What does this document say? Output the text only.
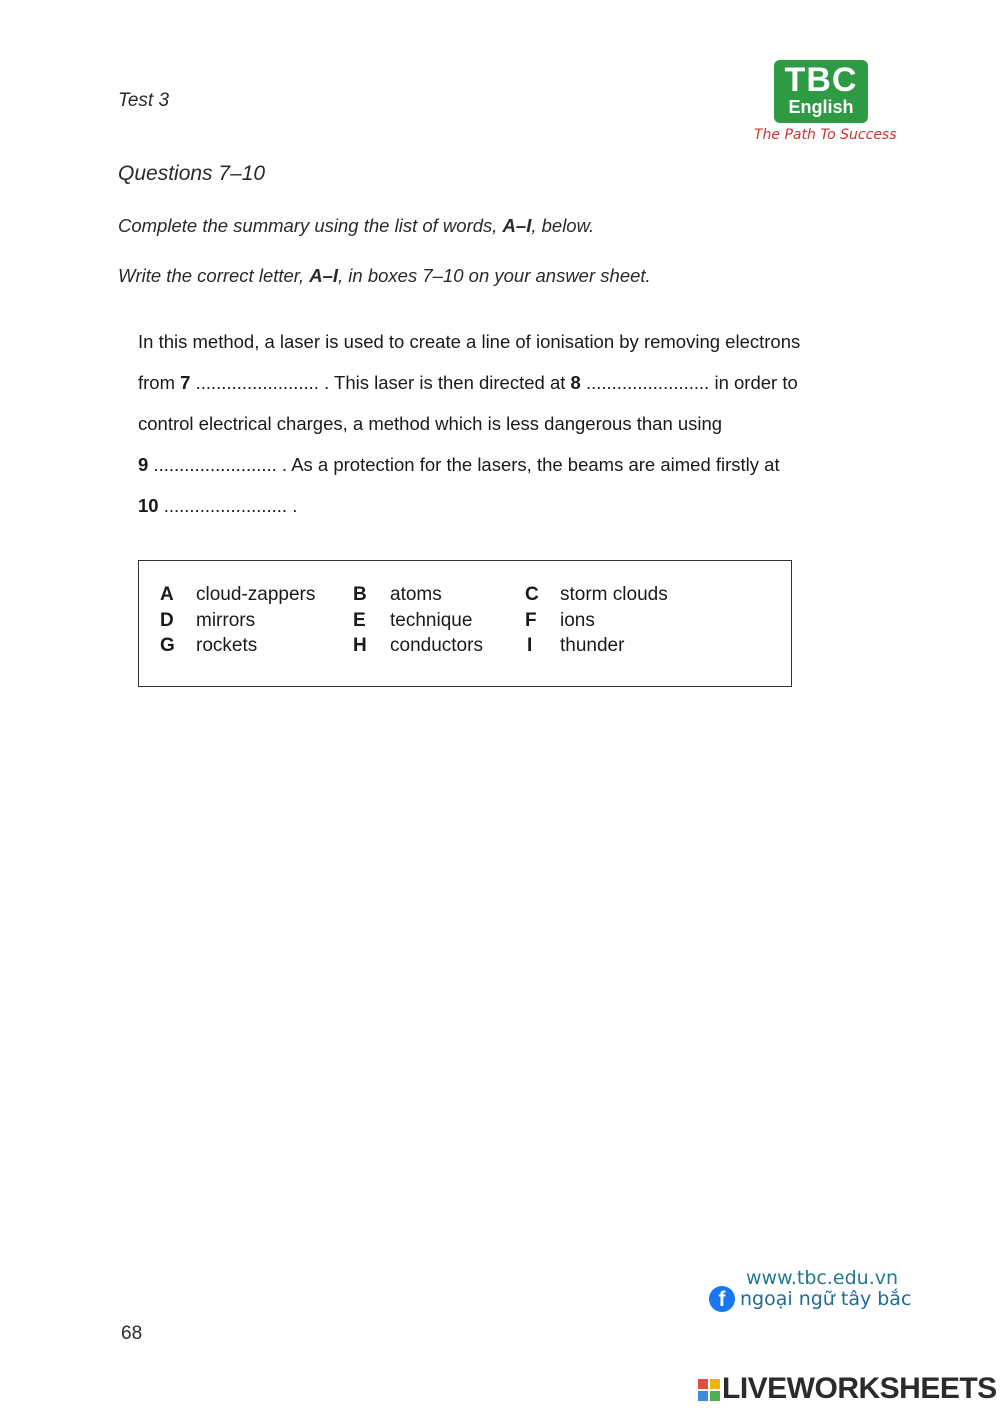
Test 3
TBC
English
The Path To Success
Questions 7–10
Complete the summary using the list of words, A–I, below.
Write the correct letter, A–I, in boxes 7–10 on your answer sheet.
In this method, a laser is used to create a line of ionisation by removing electrons
from 7 ........................ . This laser is then directed at 8 ........................ in order to
control electrical charges, a method which is less dangerous than using
9 ........................ . As a protection for the lasers, the beams are aimed firstly at
10 ........................ .
A cloud-zappers B atoms	C storm clouds
D mirrors	E technique	F ions
G rockets	H conductors I thunder
www.tbc.edu.vn
f ngoại ngữ tây bắc
68
LIVEWORKSHEETS
